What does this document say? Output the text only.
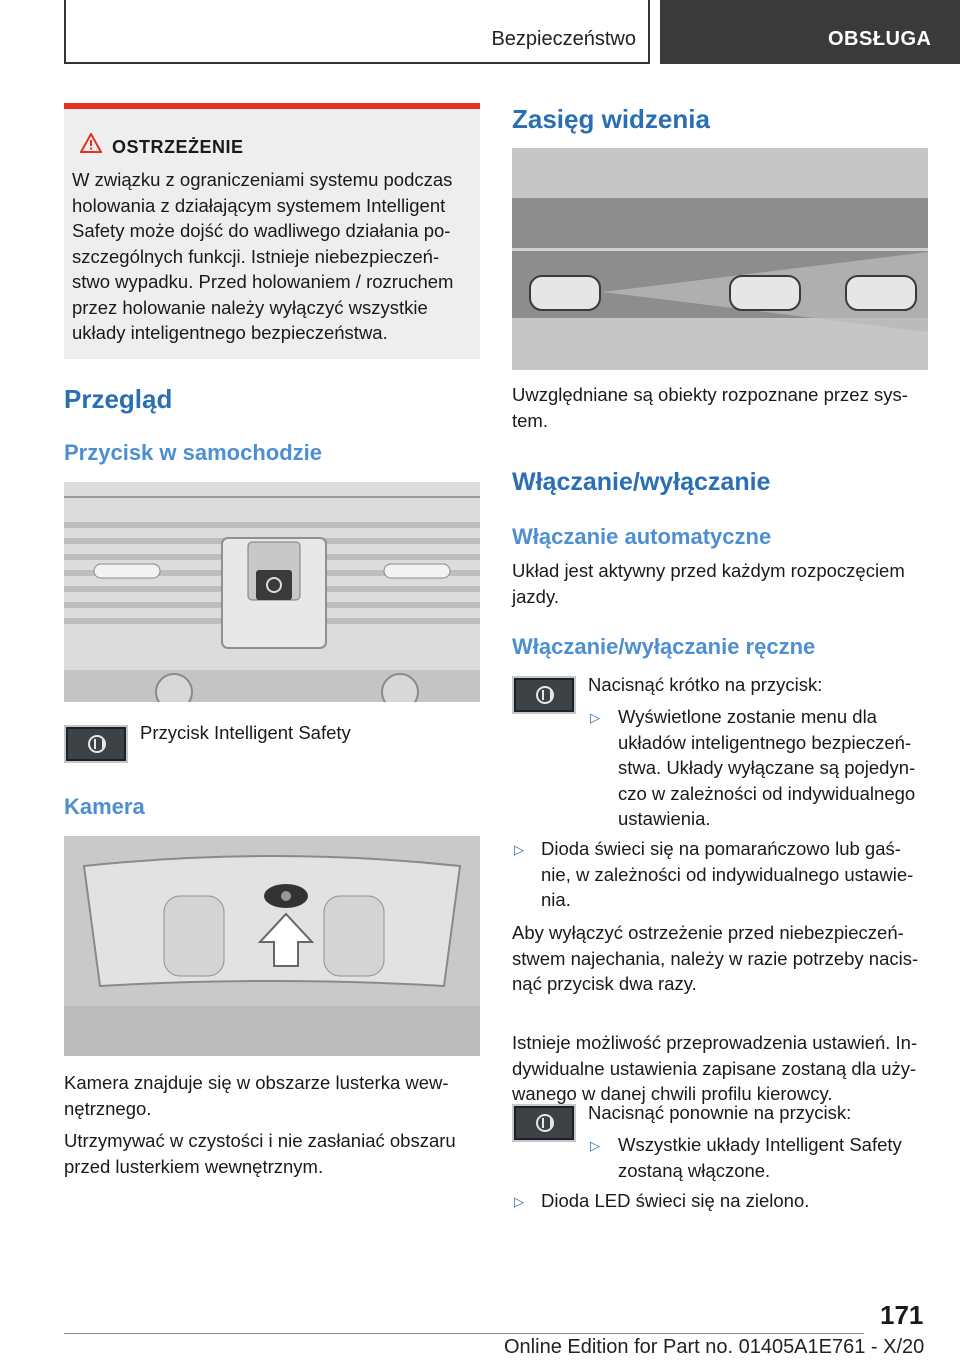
Bezpieczeństwo	OBSŁUGA
OSTRZEŻENIE
W związku z ograniczeniami systemu podczas
holowania z działającym systemem Intelligent
Safety może dojść do wadliwego działania po-
szczególnych funkcji. Istnieje niebezpieczeń-
stwo wypadku. Przed holowaniem / rozruchem
przez holowanie należy wyłączyć wszystkie
układy inteligentnego bezpieczeństwa.
Przegląd
Przycisk w samochodzie
Przycisk Intelligent Safety
Kamera
Kamera znajduje się w obszarze lusterka wew-
nętrznego.
Utrzymywać w czystości i nie zasłaniać obszaru
przed lusterkiem wewnętrznym.
Zasięg widzenia
Uwzględniane są obiekty rozpoznane przez sys-
tem.
Włączanie/wyłączanie
Włączanie automatyczne
Układ jest aktywny przed każdym rozpoczęciem
jazdy.
Włączanie/wyłączanie ręczne
Nacisnąć krótko na przycisk:
▷ Wyświetlone zostanie menu dla
układów inteligentnego bezpieczeń-
stwa. Układy wyłączane są pojedyn-
czo w zależności od indywidualnego
ustawienia.
▷ Dioda świeci się na pomarańczowo lub gaś-
nie, w zależności od indywidualnego ustawie-
nia.
Aby wyłączyć ostrzeżenie przed niebezpieczeń-
stwem najechania, należy w razie potrzeby nacis-
nąć przycisk dwa razy.
Istnieje możliwość przeprowadzenia ustawień. In-
dywidualne ustawienia zapisane zostaną dla uży-
wanego w danej chwili profilu kierowcy.
Nacisnąć ponownie na przycisk:
▷ Wszystkie układy Intelligent Safety
zostaną włączone.
▷ Dioda LED świeci się na zielono.
171
Online Edition for Part no. 01405A1E761 - X/20
